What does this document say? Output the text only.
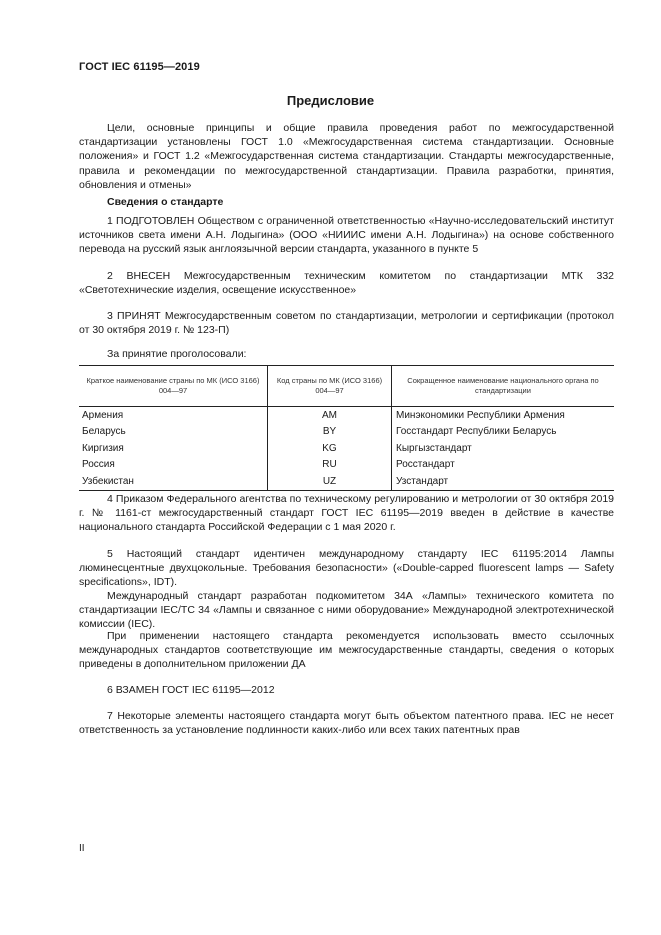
ГОСТ IEC 61195—2019
Предисловие

Цели, основные принципы и общие правила проведения работ по межгосударственной стандартизации установлены ГОСТ 1.0 «Межгосударственная система стандартизации. Основные положения» и ГОСТ 1.2 «Межгосударственная система стандартизации. Стандарты межгосударственные, правила и рекомендации по межгосударственной стандартизации. Правила разработки, принятия, обновления и отмены»

Сведения о стандарте

1 ПОДГОТОВЛЕН Обществом с ограниченной ответственностью «Научно-исследовательский институт источников света имени А.Н. Лодыгина» (ООО «НИИИС имени А.Н. Лодыгина») на основе собственного перевода на русский язык англоязычной версии стандарта, указанного в пункте 5

2 ВНЕСЕН Межгосударственным техническим комитетом по стандартизации МТК 332 «Светотехнические изделия, освещение искусственное»

3 ПРИНЯТ Межгосударственным советом по стандартизации, метрологии и сертификации (протокол от 30 октября 2019 г. № 123-П)

За принятие проголосовали:

Краткое наименование страны по МК (ИСО 3166) 004—97	Код страны по МК (ИСО 3166) 004—97	Сокращенное наименование национального органа по стандартизации
Армения	AM	Минэкономики Республики Армения
Беларусь	BY	Госстандарт Республики Беларусь
Киргизия	KG	Кыргызстандарт
Россия	RU	Росстандарт
Узбекистан	UZ	Узстандарт

4 Приказом Федерального агентства по техническому регулированию и метрологии от 30 октября 2019 г. № 1161-ст межгосударственный стандарт ГОСТ IEC 61195—2019 введен в действие в качестве национального стандарта Российской Федерации с 1 мая 2020 г.

5 Настоящий стандарт идентичен международному стандарту IEC 61195:2014 Лампы люминесцентные двухцокольные. Требования безопасности» («Double-capped fluorescent lamps — Safety specifications», IDT).

Международный стандарт разработан подкомитетом 34А «Лампы» технического комитета по стандартизации IEC/TC 34 «Лампы и связанное с ними оборудование» Международной электротехнической комиссии (IEC).

При применении настоящего стандарта рекомендуется использовать вместо ссылочных международных стандартов соответствующие им межгосударственные стандарты, сведения о которых приведены в дополнительном приложении ДА

6 ВЗАМЕН ГОСТ IEC 61195—2012

7 Некоторые элементы настоящего стандарта могут быть объектом патентного права. IEC не несет ответственность за установление подлинности каких-либо или всех таких патентных прав

II
